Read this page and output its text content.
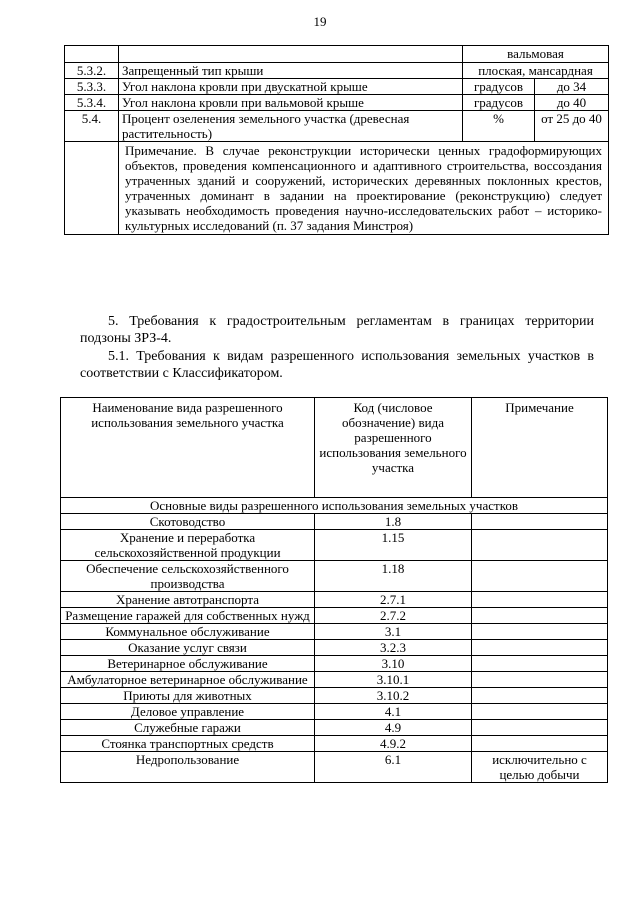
19
		вальмовая	
5.3.2.	Запрещенный тип крыши	плоская, мансардная	
5.3.3.	Угол наклона кровли при двускатной крыше	градусов	до 34
5.3.4.	Угол наклона кровли при вальмовой крыше	градусов	до 40
5.4.	Процент озеленения земельного участка (древесная растительность)	%	от 25 до 40
	Примечание. В случае реконструкции исторически ценных градоформирующих объектов, проведения компенсационного и адаптивного строительства, воссоздания утраченных зданий и сооружений, исторических деревянных поклонных крестов, утраченных доминант в задании на проектирование (реконструкцию) следует указывать необходимость проведения научно-исследовательских работ – историко-культурных исследований (п. 37 задания Минстроя)		
5. Требования к градостроительным регламентам в границах территории подзоны ЗРЗ-4.
5.1. Требования к видам разрешенного использования земельных участков в соответствии с Классификатором.
Наименование вида разрешенного использования земельного участка	Код (числовое обозначение) вида разрешенного использования земельного участка	Примечание
Основные виды разрешенного использования земельных участков		
Скотоводство	1.8	
Хранение и переработка сельскохозяйственной продукции	1.15	
Обеспечение сельскохозяйственного производства	1.18	
Хранение автотранспорта	2.7.1	
Размещение гаражей для собственных нужд	2.7.2	
Коммунальное обслуживание	3.1	
Оказание услуг связи	3.2.3	
Ветеринарное обслуживание	3.10	
Амбулаторное ветеринарное обслуживание	3.10.1	
Приюты для животных	3.10.2	
Деловое управление	4.1	
Служебные гаражи	4.9	
Стоянка транспортных средств	4.9.2	
Недропользование	6.1	исключительно с целью добычи
